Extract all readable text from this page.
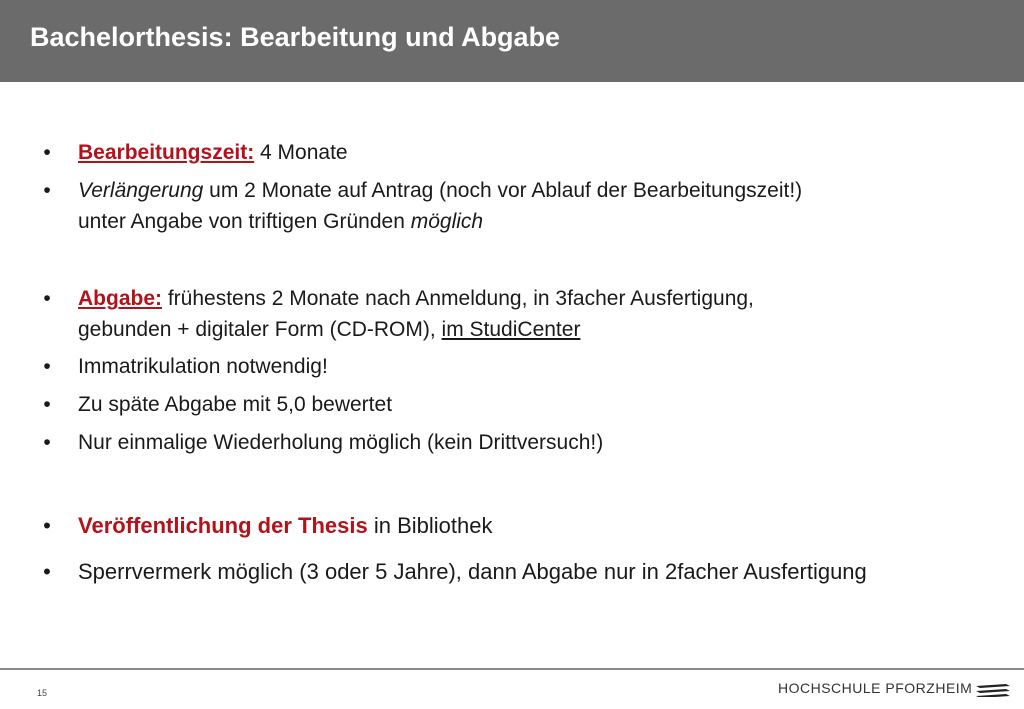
Bachelorthesis: Bearbeitung und Abgabe
• Bearbeitungszeit: 4 Monate
• Verlängerung um 2 Monate auf Antrag (noch vor Ablauf der Bearbeitungszeit!)
unter Angabe von triftigen Gründen möglich
• Abgabe: frühestens 2 Monate nach Anmeldung, in 3facher Ausfertigung,
gebunden + digitaler Form (CD-ROM), im StudiCenter
• Immatrikulation notwendig!
• Zu späte Abgabe mit 5,0 bewertet
• Nur einmalige Wiederholung möglich (kein Drittversuch!)
• Veröffentlichung der Thesis in Bibliothek
• Sperrvermerk möglich (3 oder 5 Jahre), dann Abgabe nur in 2facher Ausfertigung
15	HOCHSCHULE PFORZHEIM
